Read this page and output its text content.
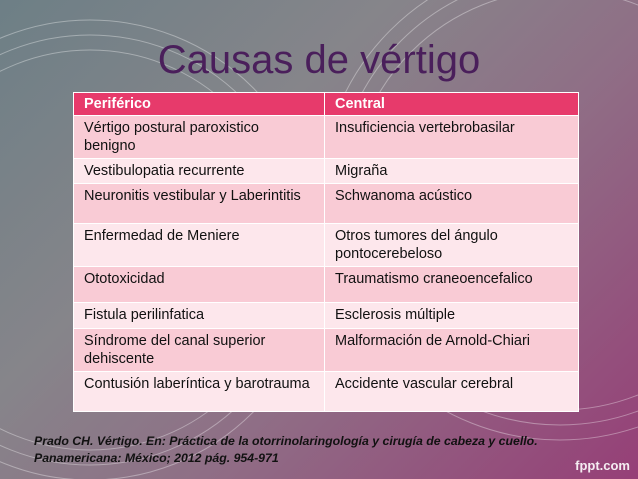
Causas de vértigo
Periférico	Central
Vértigo postural paroxistico benigno	Insuficiencia vertebrobasilar
Vestibulopatia recurrente	Migraña
Neuronitis vestibular y Laberintitis	Schwanoma acústico
Enfermedad de Meniere	Otros tumores del ángulo pontocerebeloso
Ototoxicidad	Traumatismo craneoencefalico
Fistula perilinfatica	Esclerosis múltiple
Síndrome del canal superior dehiscente	Malformación de Arnold-Chiari
Contusión laberíntica y barotrauma	Accidente vascular cerebral
Prado CH. Vértigo. En: Práctica de la otorrinolaringología y cirugía de cabeza y cuello. Panamericana: México; 2012 pág. 954-971	fppt.com
